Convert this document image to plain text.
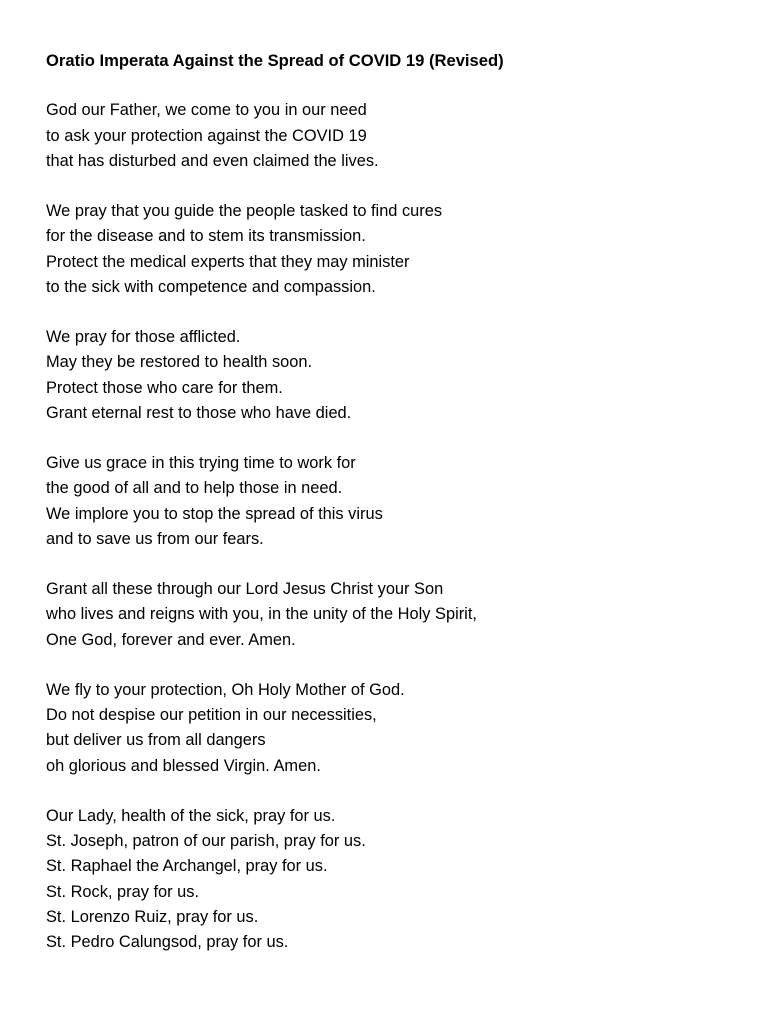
Oratio Imperata Against the Spread of COVID 19 (Revised)
God our Father, we come to you in our need
to ask your protection against the COVID 19
that has disturbed and even claimed the lives.
We pray that you guide the people tasked to find cures
for the disease and to stem its transmission.
Protect the medical experts that they may minister
to the sick with competence and compassion.
We pray for those afflicted.
May they be restored to health soon.
Protect those who care for them.
Grant eternal rest to those who have died.
Give us grace in this trying time to work for
the good of all and to help those in need.
We implore you to stop the spread of this virus
and to save us from our fears.
Grant all these through our Lord Jesus Christ your Son
who lives and reigns with you, in the unity of the Holy Spirit,
One God, forever and ever. Amen.
We fly to your protection, Oh Holy Mother of God.
Do not despise our petition in our necessities,
but deliver us from all dangers
oh glorious and blessed Virgin. Amen.
Our Lady, health of the sick, pray for us.
St. Joseph, patron of our parish, pray for us.
St. Raphael the Archangel, pray for us.
St. Rock, pray for us.
St. Lorenzo Ruiz, pray for us.
St. Pedro Calungsod, pray for us.
